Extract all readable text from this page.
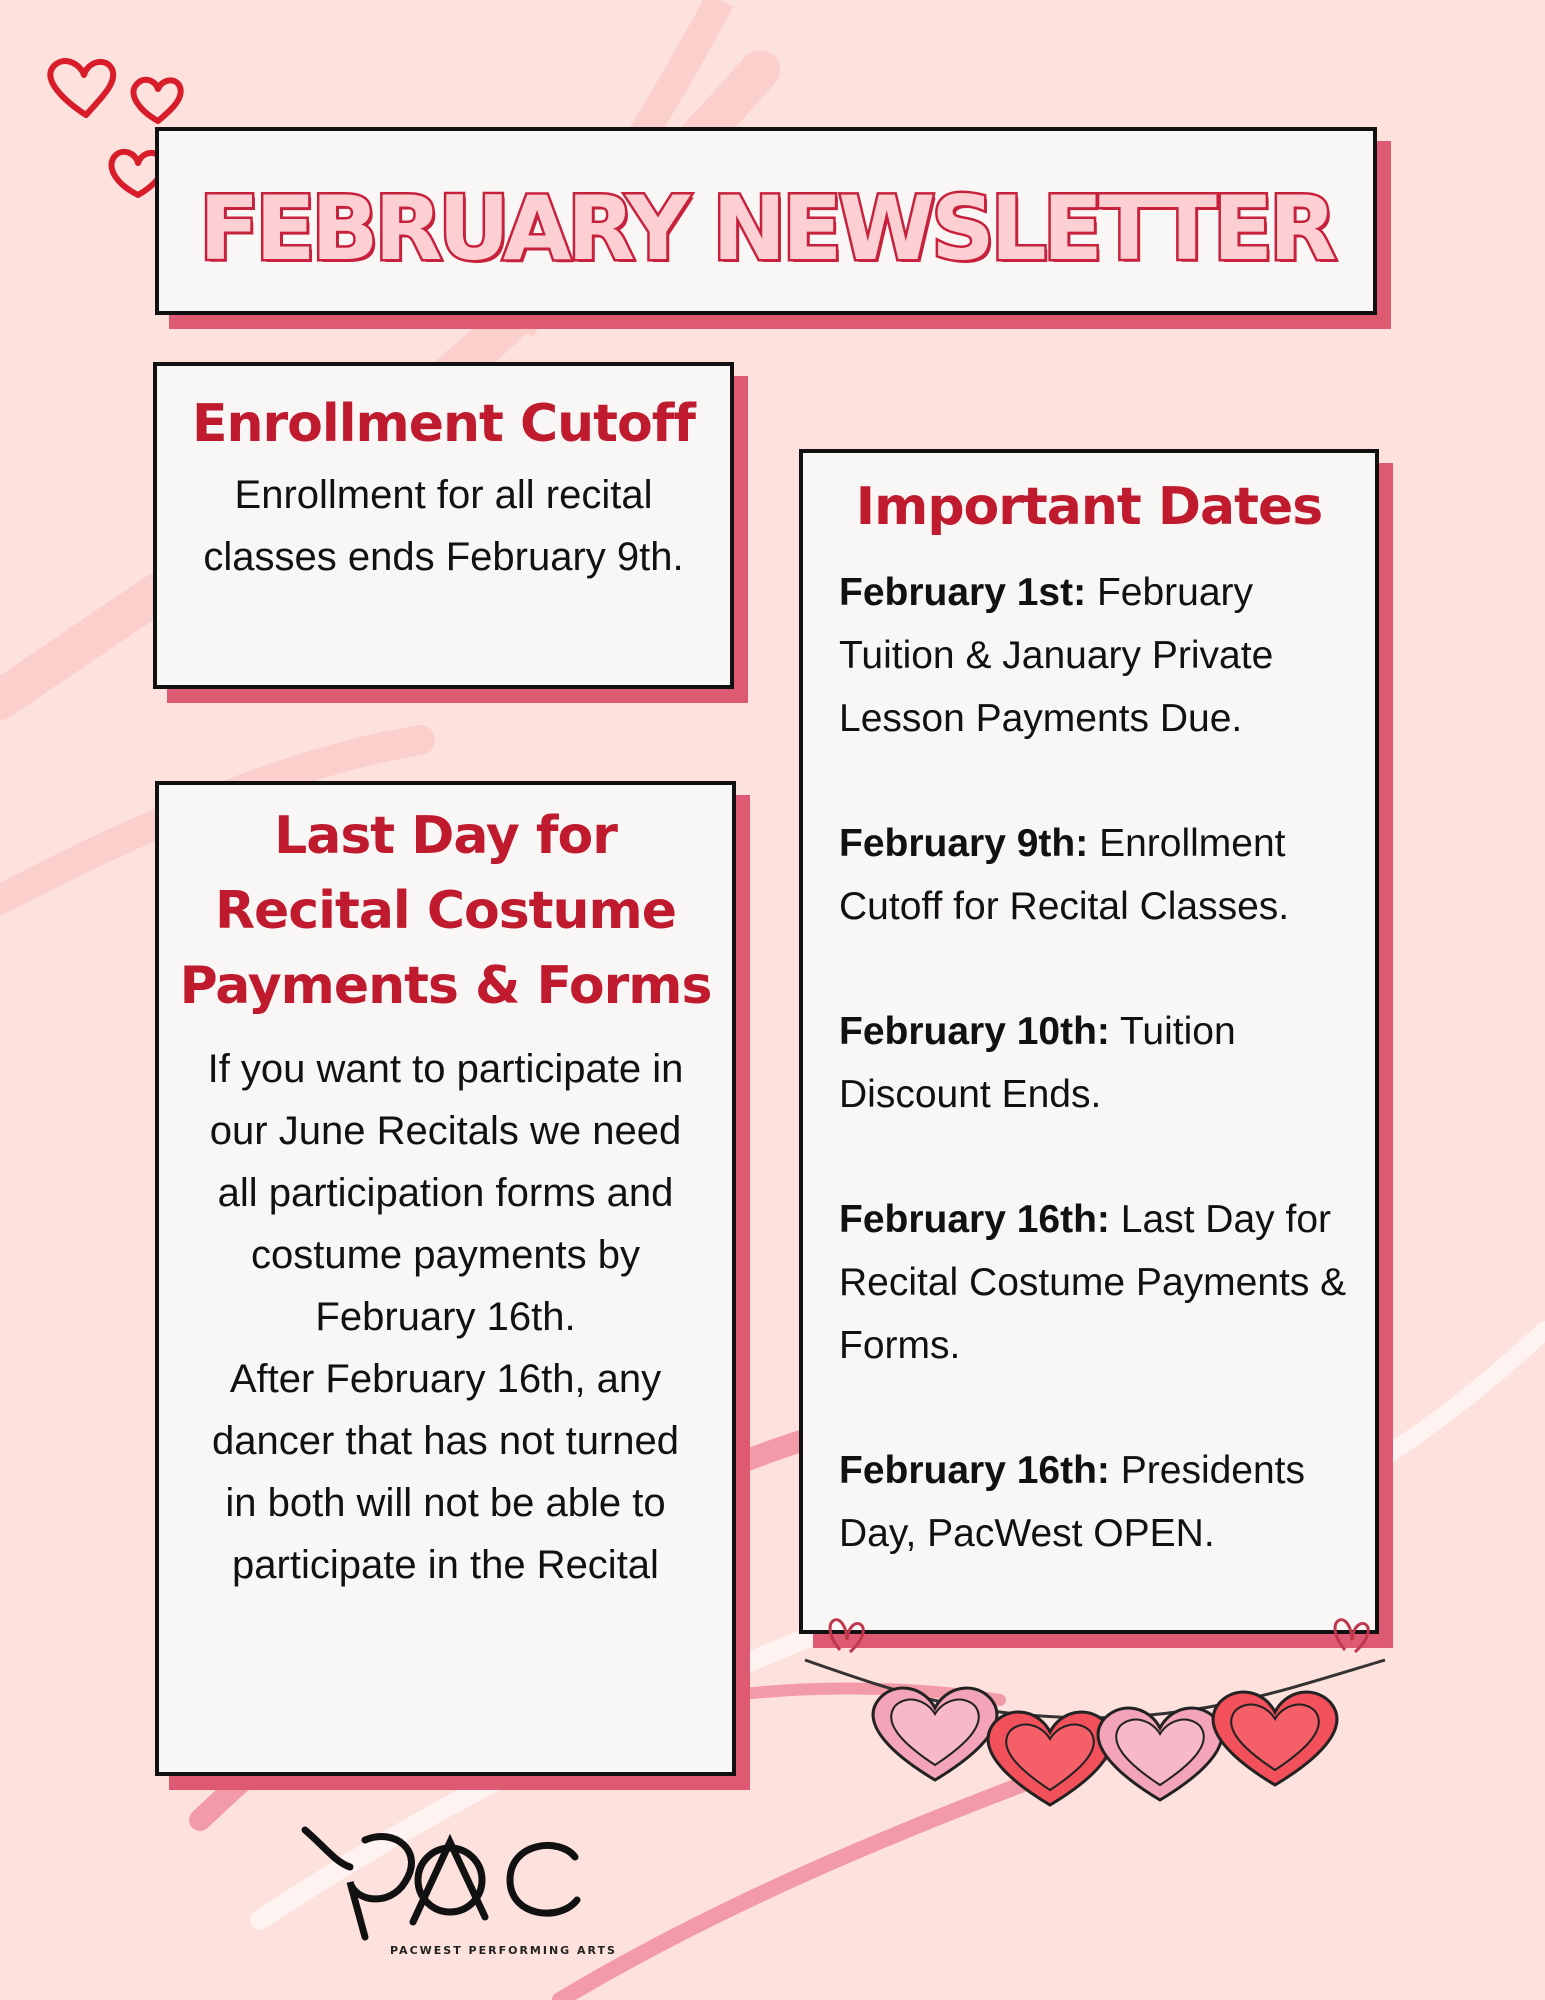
FEBRUARY NEWSLETTER
Enrollment Cutoff
Enrollment for all recital classes ends February 9th.
Last Day for Recital Costume Payments & Forms
If you want to participate in our June Recitals we need all participation forms and costume payments by February 16th.
After February 16th, any dancer that has not turned in both will not be able to participate in the Recital
Important Dates
February 1st: February Tuition & January Private Lesson Payments Due.
February 9th: Enrollment Cutoff for Recital Classes.
February 10th: Tuition Discount Ends.
February 16th: Last Day for Recital Costume Payments & Forms.
February 16th: Presidents Day, PacWest OPEN.
PACWEST PERFORMING ARTS
